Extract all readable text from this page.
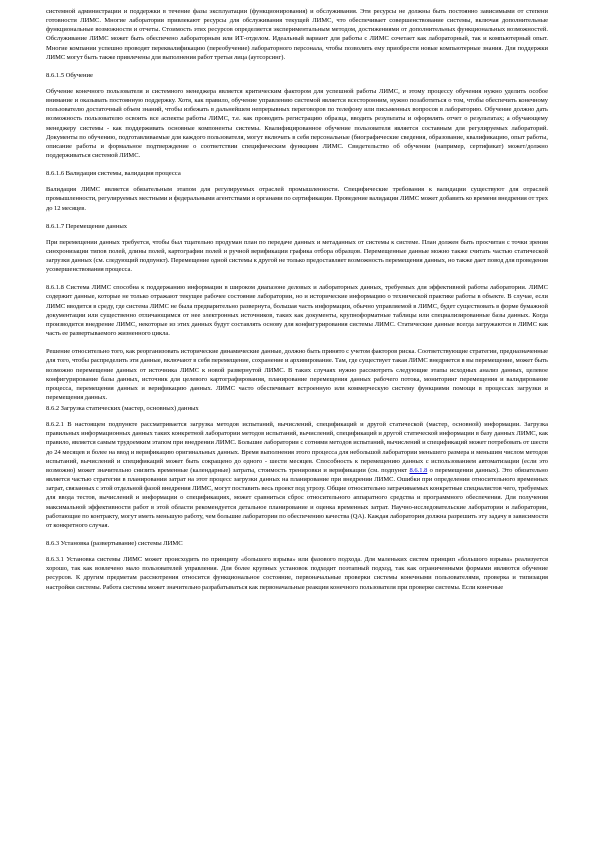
системной администрации и поддержки в течение фазы эксплуатации (функционирования) и обслуживания. Эти ресурсы не должны быть постоянно зависимыми от степени готовности ЛИМС. Многие лаборатории привлекают ресурсы для обслуживания текущей ЛИМС, что обеспечивает совершенствование системы, включая дополнительные функциональные возможности и отчеты. Стоимость этих ресурсов определяется экспериментальным методом, достижениями от дополнительных функциональных возможностей. Обслуживание ЛИМС может быть обеспечено лабораторным или ИТ-отделом. Идеальный вариант для работы с ЛИМС сочетает как лабораторный, так и компьютерный опыт. Многие компании успешно проводят переквалификацию (переобучение) лабораторного персонала, чтобы позволить ему приобрести новые компьютерные знания. Для поддержки ЛИМС могут быть также привлечены для выполнения работ третьи лица (аутсорсинг).

8.6.1.5 Обучение

Обучение конечного пользователя и системного менеджера является критическим фактором для успешной работы ЛИМС, и этому процессу обучения нужно уделить особое внимание и оказывать постоянную поддержку. Хотя, как правило, обучение управлению системой является всесторонним, нужно позаботиться о том, чтобы обеспечить конечному пользователю достаточный объем знаний, чтобы избежать в дальнейшем непрерывных переговоров по телефону или письменных вопросов в лабораторию. Обучение должно дать возможность пользователю освоить все аспекты работы ЛИМС, т.е. как проводить регистрацию образца, вводить результаты и оформлять отчет о результатах; а обучающему менеджеру системы - как поддерживать основные компоненты системы. Квалифицированное обучение пользователя является составным для регулируемых лабораторий. Документы по обучению, подготавливаемые для каждого пользователя, могут включать в себя персональные (биографические сведения, образование, квалификацию, опыт работы, описание работы и формальное подтверждение о соответствии специфическим функциям ЛИМС. Свидетельство об обучении (например, сертификат) может/должно поддерживаться системой ЛИМС.

8.6.1.6 Валидация системы, валидация процесса

Валидация ЛИМС является обязательным этапом для регулируемых отраслей промышленности. Специфические требования к валидации существуют для отраслей промышленности, регулируемых местными и федеральными агентствами и органами по сертификации. Проведение валидации ЛИМС может добавить ко времени внедрения от трех до 12 месяцев.

8.6.1.7 Перемещение данных

При перемещении данных требуется, чтобы был тщательно продуман план по передаче данных и метаданных от системы к системе. План должен быть просчитан с точки зрения синхронизации типов полей, длины полей, картографии полей и ручной верификации графика отбора образцов. Перемещенные данные можно также считать частью статической загрузки данных (см. следующий подпункт). Перемещение одной системы к другой не только предоставляет возможность перемещения данных, но также дает повод для проведения усовершенствования процесса.

8.6.1.8 Система ЛИМС способна к поддержанию информации в широком диапазоне деловых и лабораторных данных, требуемых для эффективной работы лаборатории. ЛИМС содержит данные, которые не только отражают текущее рабочее состояние лаборатории, но и исторические информацию о технической практике работы в объекте. В случае, если ЛИМС вводится в среду, где система ЛИМС не была предварительно развернута, большая часть информации, обычно управляемой в ЛИМС, будет существовать в форме бумажной документации или существенно отличающимся от нее электронных источников, таких как документы, крупноформатные таблицы или специализированные базы данных. Когда производится внедрение ЛИМС, некоторые из этих данных будут составлять основу для конфигурирования системы ЛИМС. Статические данные всегда загружаются в ЛИМС как часть ее развертываемого жизненного цикла.

Решение относительно того, как реорганизовать исторические динамические данные, должно быть принято с учетом факторов риска. Соответствующие стратегии, предназначенные для того, чтобы распределить эти данные, включают в себя перемещение, сохранение и архивирование. Там, где существует такая ЛИМС внедряется в вы перемещение, может быть возможно перемещение данных от источника ЛИМС к новой развернутой ЛИМС. В таких случаях нужно рассмотреть следующие этапы исходных анализ данных, целевое конфигурирование базы данных, источник для целевого картографирования, планирование перемещения данных рабочего потока, мониторинг перемещения и валидирование процесса, перемещения данных и верификацию данных. ЛИМС часто обеспечивает встроенную или коммерческую систему функциями помощи в процессах загрузки и перемещения данных.

8.6.2 Загрузка статических (мастер, основных) данных

8.6.2.1 В настоящем подпункте рассматривается загрузка методов испытаний, вычислений, спецификаций и другой статической (мастер, основной) информации. Загрузка правильных информационных данных таких конкретной лаборатории методов испытаний, вычислений, спецификаций и другой статической информации в базу данных ЛИМС, как правило, является самым трудоемким этапом при внедрении ЛИМС. Большие лаборатории с сотнями методов испытаний, вычислений и спецификаций может потребовать от шести до 24 месяцев и более на ввод и верификацию оригинальных данных. Время выполнения этого процесса для небольшой лаборатории меньшего размера и меньшим числом методов испытаний, вычислений и спецификаций может быть сокращено до одного - шести месяцев. Способность к перемещению данных с использованием автоматизации (если это возможно) может значительно снизить временные (календарные) затраты, стоимость тренировки и верификации (см. подпункт 8.6.1.8 о перемещении данных). Это обязательно является частью стратегии в планировании затрат на этот процесс загрузки данных на планирование при внедрении ЛИМС. Ошибки при определении относительного временных затрат, связанных с этой отдельной фазой внедрения ЛИМС, могут поставить весь проект под угрозу. Общие относительно затрачиваемых конкретные специалистов чего, требуемых для ввода тестов, вычислений и информации о спецификациях, может сравниться сброс относительного аппаратного средства и программного обеспечения. Для получения максимальной эффективности работ в этой области рекомендуется детальное планирование и оценка временных затрат. Научно-исследовательские лаборатории и лаборатории, работающие по контракту, могут иметь меньшую работу, чем большие лаборатории по обеспечению качества (QA). Каждая лаборатория должна разрешить эту задачу в зависимости от конкретного случая.

8.6.3 Установка (развертывание) системы ЛИМС

8.6.3.1 Установка системы ЛИМС может происходить по принципу «большого взрыва» или фазового подхода. Для маленьких систем принцип «большого взрыва» реализуется хорошо, так как вовлечено мало пользователей управления. Для более крупных установок подходит поэтапный подход, так как ограниченными формами являются обучение ресурсов. К другим предметам рассмотрения относится функциональное состояние, первоначальные проверки системы конечными пользователями, проверка и типизация настройки системы. Работа системы может значительно разрабатываться как первоначальные реакции конечного пользователя при проверке системы. Если конечные
